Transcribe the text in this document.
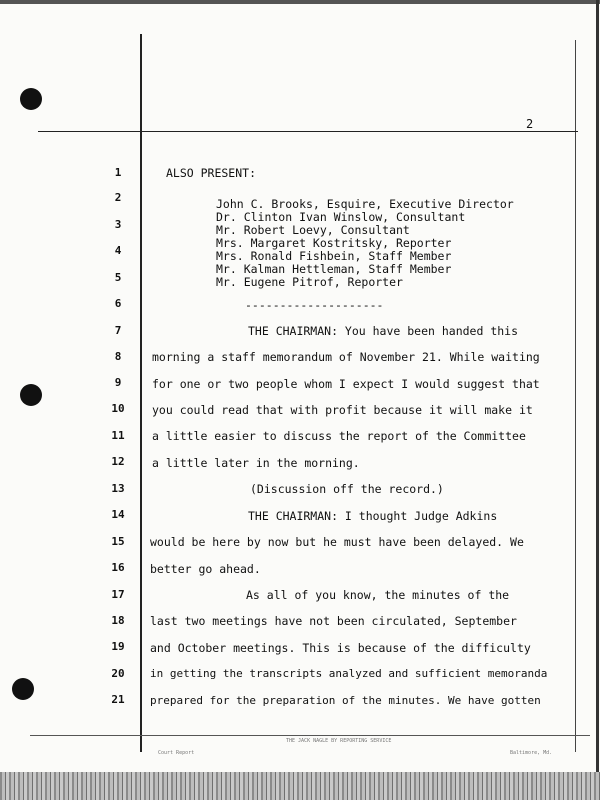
2
1
2
3
4
5
6
7
8
9
10
11
12
13
14
15
16
17
18
19
20
21
ALSO PRESENT:
John C. Brooks, Esquire, Executive Director
Dr. Clinton Ivan Winslow, Consultant
Mr. Robert Loevy, Consultant
Mrs. Margaret Kostritsky, Reporter
Mrs. Ronald Fishbein, Staff Member
Mr. Kalman Hettleman, Staff Member
Mr. Eugene Pitrof, Reporter
--------------------
THE CHAIRMAN: You have been handed this
morning a staff memorandum of November 21. While waiting
for one or two people whom I expect I would suggest that
you could read that with profit because it will make it
a little easier to discuss the report of the Committee
a little later in the morning.
(Discussion off the record.)
THE CHAIRMAN: I thought Judge Adkins
would be here by now but he must have been delayed. We
better go ahead.
As all of you know, the minutes of the
last two meetings have not been circulated, September
and October meetings. This is because of the difficulty
in getting the transcripts analyzed and sufficient memoranda
prepared for the preparation of the minutes. We have gotten
THE JACK NAGLE BY REPORTING SERVICE
Court Report	Baltimore, Md.
